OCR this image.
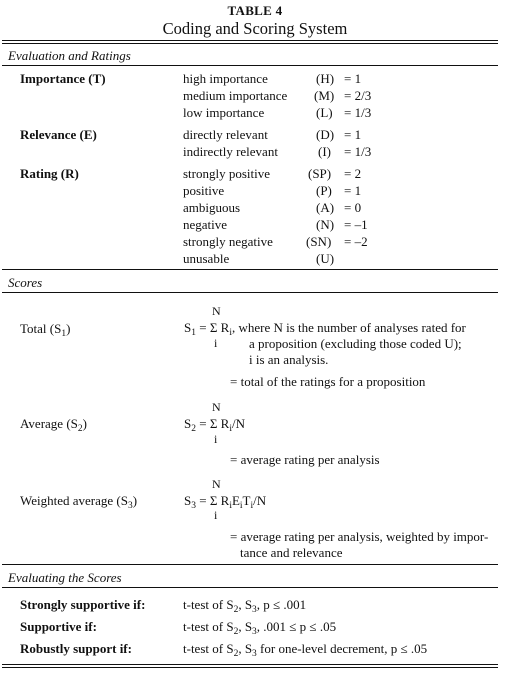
TABLE 4
Coding and Scoring System
Evaluation and Ratings
Importance (T)	high importance	(H) = 1
medium importance (M) = 2/3
low importance	(L) = 1/3
Relevance (E)	directly relevant	(D) = 1
indirectly relevant	(I) = 1/3
Rating (R)	strongly positive	(SP) = 2
positive	(P) = 1
ambiguous	(A) = 0
negative	(N) = –1
strongly negative	(SN) = –2
unusable	(U)
Scores
N
Total $(S_1)$	$S_1 = \Sigma$ $R_i$, where N is the number of analyses rated for
i a proposition (excluding those coded U);
i is an analysis.
= total of the ratings for a proposition
N
Average $(S_2)$	$S_2 = \Sigma$ $R_i/N$
i
= average rating per analysis
N
Weighted average $(S_3)$	$S_3 = \Sigma$ $R_iE_iT_i/N$
i
= average rating per analysis, weighted by impor-
tance and relevance
Evaluating the Scores
Strongly supportive if:	t-test of $S_2$, $S_3$, p ≤ .001
Supportive if:	t-test of $S_2$, $S_3$, .001 ≤ p ≤ .05
Robustly support if:	t-test of $S_2$, $S_3$ for one-level decrement, p ≤ .05
